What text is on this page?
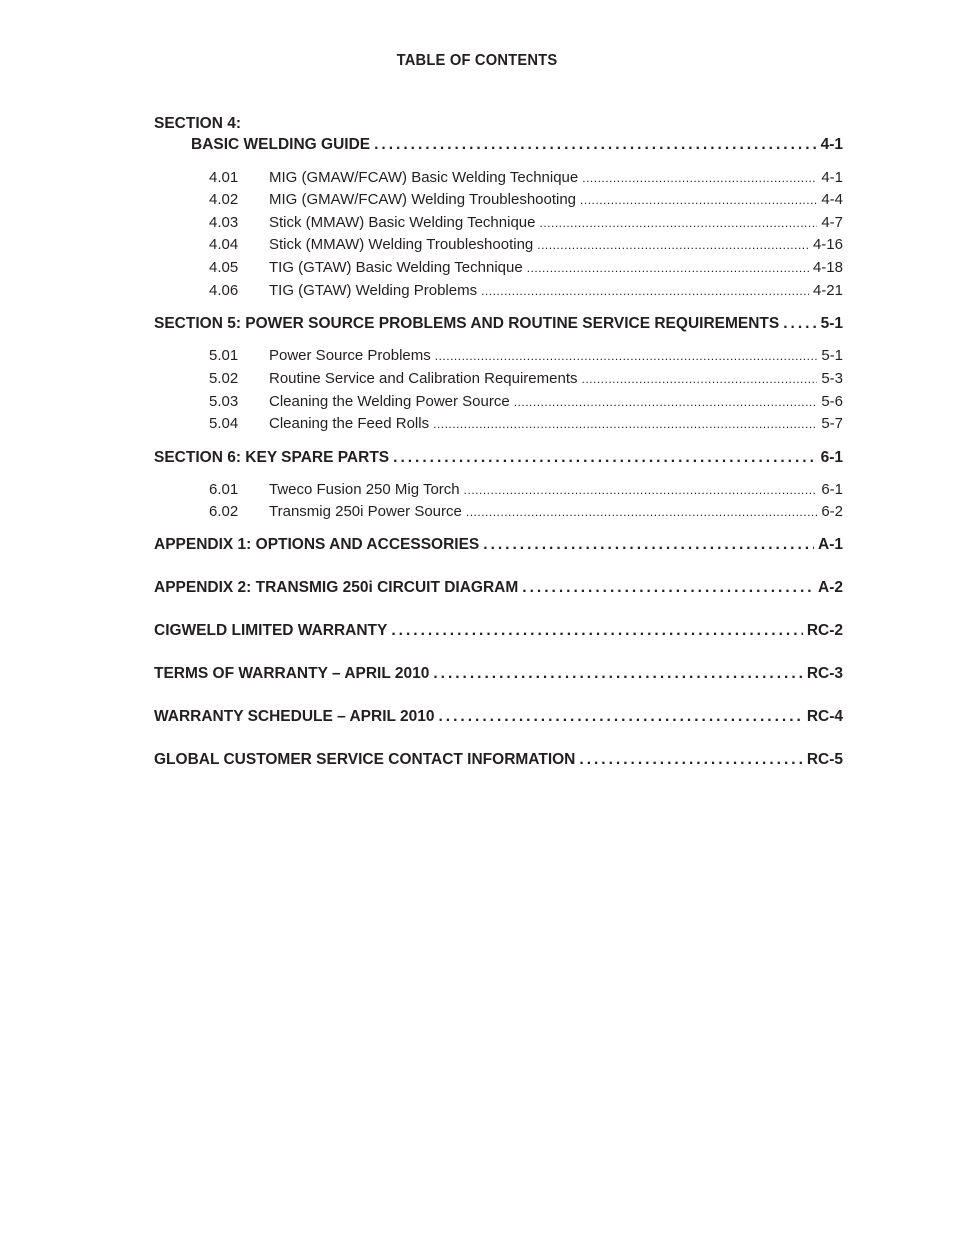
TABLE OF CONTENTS
SECTION 4:
BASIC WELDING GUIDE .....	4-1
4.01	MIG (GMAW/FCAW) Basic Welding Technique .....	4-1
4.02	MIG (GMAW/FCAW) Welding Troubleshooting .....	4-4
4.03	Stick (MMAW) Basic Welding Technique .....	4-7
4.04	Stick (MMAW) Welding Troubleshooting .....	4-16
4.05	TIG (GTAW) Basic Welding Technique .....	4-18
4.06	TIG (GTAW) Welding Problems .....	4-21
SECTION 5: POWER SOURCE PROBLEMS AND ROUTINE SERVICE REQUIREMENTS .....	5-1
5.01	Power Source Problems .....	5-1
5.02	Routine Service and Calibration Requirements .....	5-3
5.03	Cleaning the Welding Power Source .....	5-6
5.04	Cleaning the Feed Rolls .....	5-7
SECTION 6: KEY SPARE PARTS .....	6-1
6.01	Tweco Fusion 250 Mig Torch .....	6-1
6.02	Transmig 250i Power Source .....	6-2
APPENDIX 1: OPTIONS AND ACCESSORIES .....	A-1
APPENDIX 2: TRANSMIG 250i CIRCUIT DIAGRAM .....	A-2
CIGWELD LIMITED WARRANTY .....	RC-2
TERMS OF WARRANTY – APRIL 2010 .....	RC-3
WARRANTY SCHEDULE – APRIL 2010 .....	RC-4
GLOBAL CUSTOMER SERVICE CONTACT INFORMATION .....	RC-5
